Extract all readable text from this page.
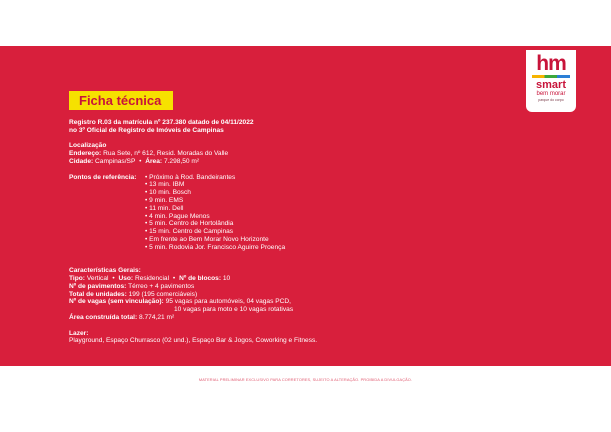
hm
smart
bem morar
parque do corpo
Ficha técnica
Registro R.03 da matrícula nº 237.380 datado de 04/11/2022
no 3º Oficial de Registro de Imóveis de Campinas
Localização
Endereço: Rua Sete, nº 612, Resid. Moradas do Valle
Cidade: Campinas/SP • Área: 7.298,50 m²
Pontos de referência: • Próximo à Rod. Bandeirantes
• 13 min. IBM
• 10 min. Bosch
• 9 min. EMS
• 11 min. Dell
• 4 min. Pague Menos
• 5 min. Centro de Hortolândia
• 15 min. Centro de Campinas
• Em frente ao Bem Morar Novo Horizonte
• 5 min. Rodovia Jor. Francisco Aguirre Proença
Características Gerais:
Tipo: Vertical • Uso: Residencial • Nº de blocos: 10
Nº de pavimentos: Térreo + 4 pavimentos
Total de unidades: 199 (195 comerciáveis)
Nº de vagas (sem vinculação): 95 vagas para automóveis, 04 vagas PCD,
10 vagas para moto e 10 vagas rotativas
Área construída total: 8.774,21 m²
Lazer:
Playground, Espaço Churrasco (02 und.), Espaço Bar & Jogos, Coworking e Fitness.
MATERIAL PRELIMINAR EXCLUSIVO PARA CORRETORES, SUJEITO A ALTERAÇÃO. PROIBIDA A DIVULGAÇÃO.
